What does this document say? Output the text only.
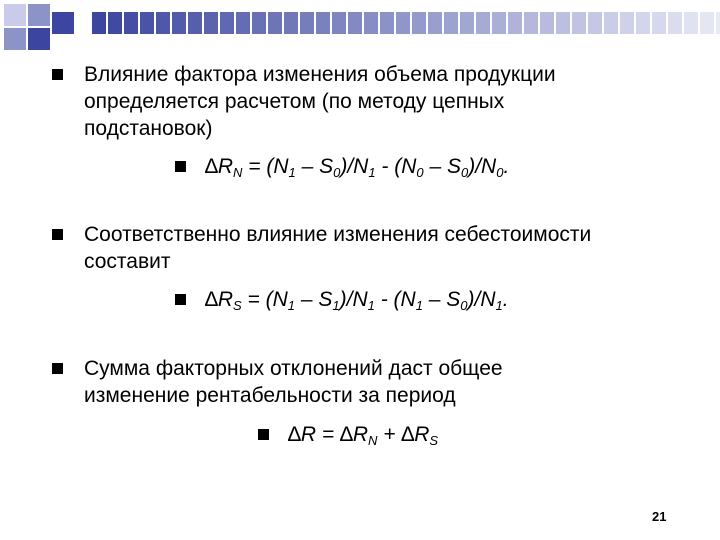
Влияние фактора изменения объема продукции
определяется расчетом (по методу цепных
подстановок)
$\Delta R_N = (N_1 - S_0)/N_1 - (N_0 - S_0)/N_0$.
Соответственно влияние изменения себестоимости
составит
$\Delta R_S = (N_1 - S_1)/N_1 - (N_1 - S_0)/N_1$.
Сумма факторных отклонений даст общее
изменение рентабельности за период
$\Delta R = \Delta R_N + \Delta R_S$
21
